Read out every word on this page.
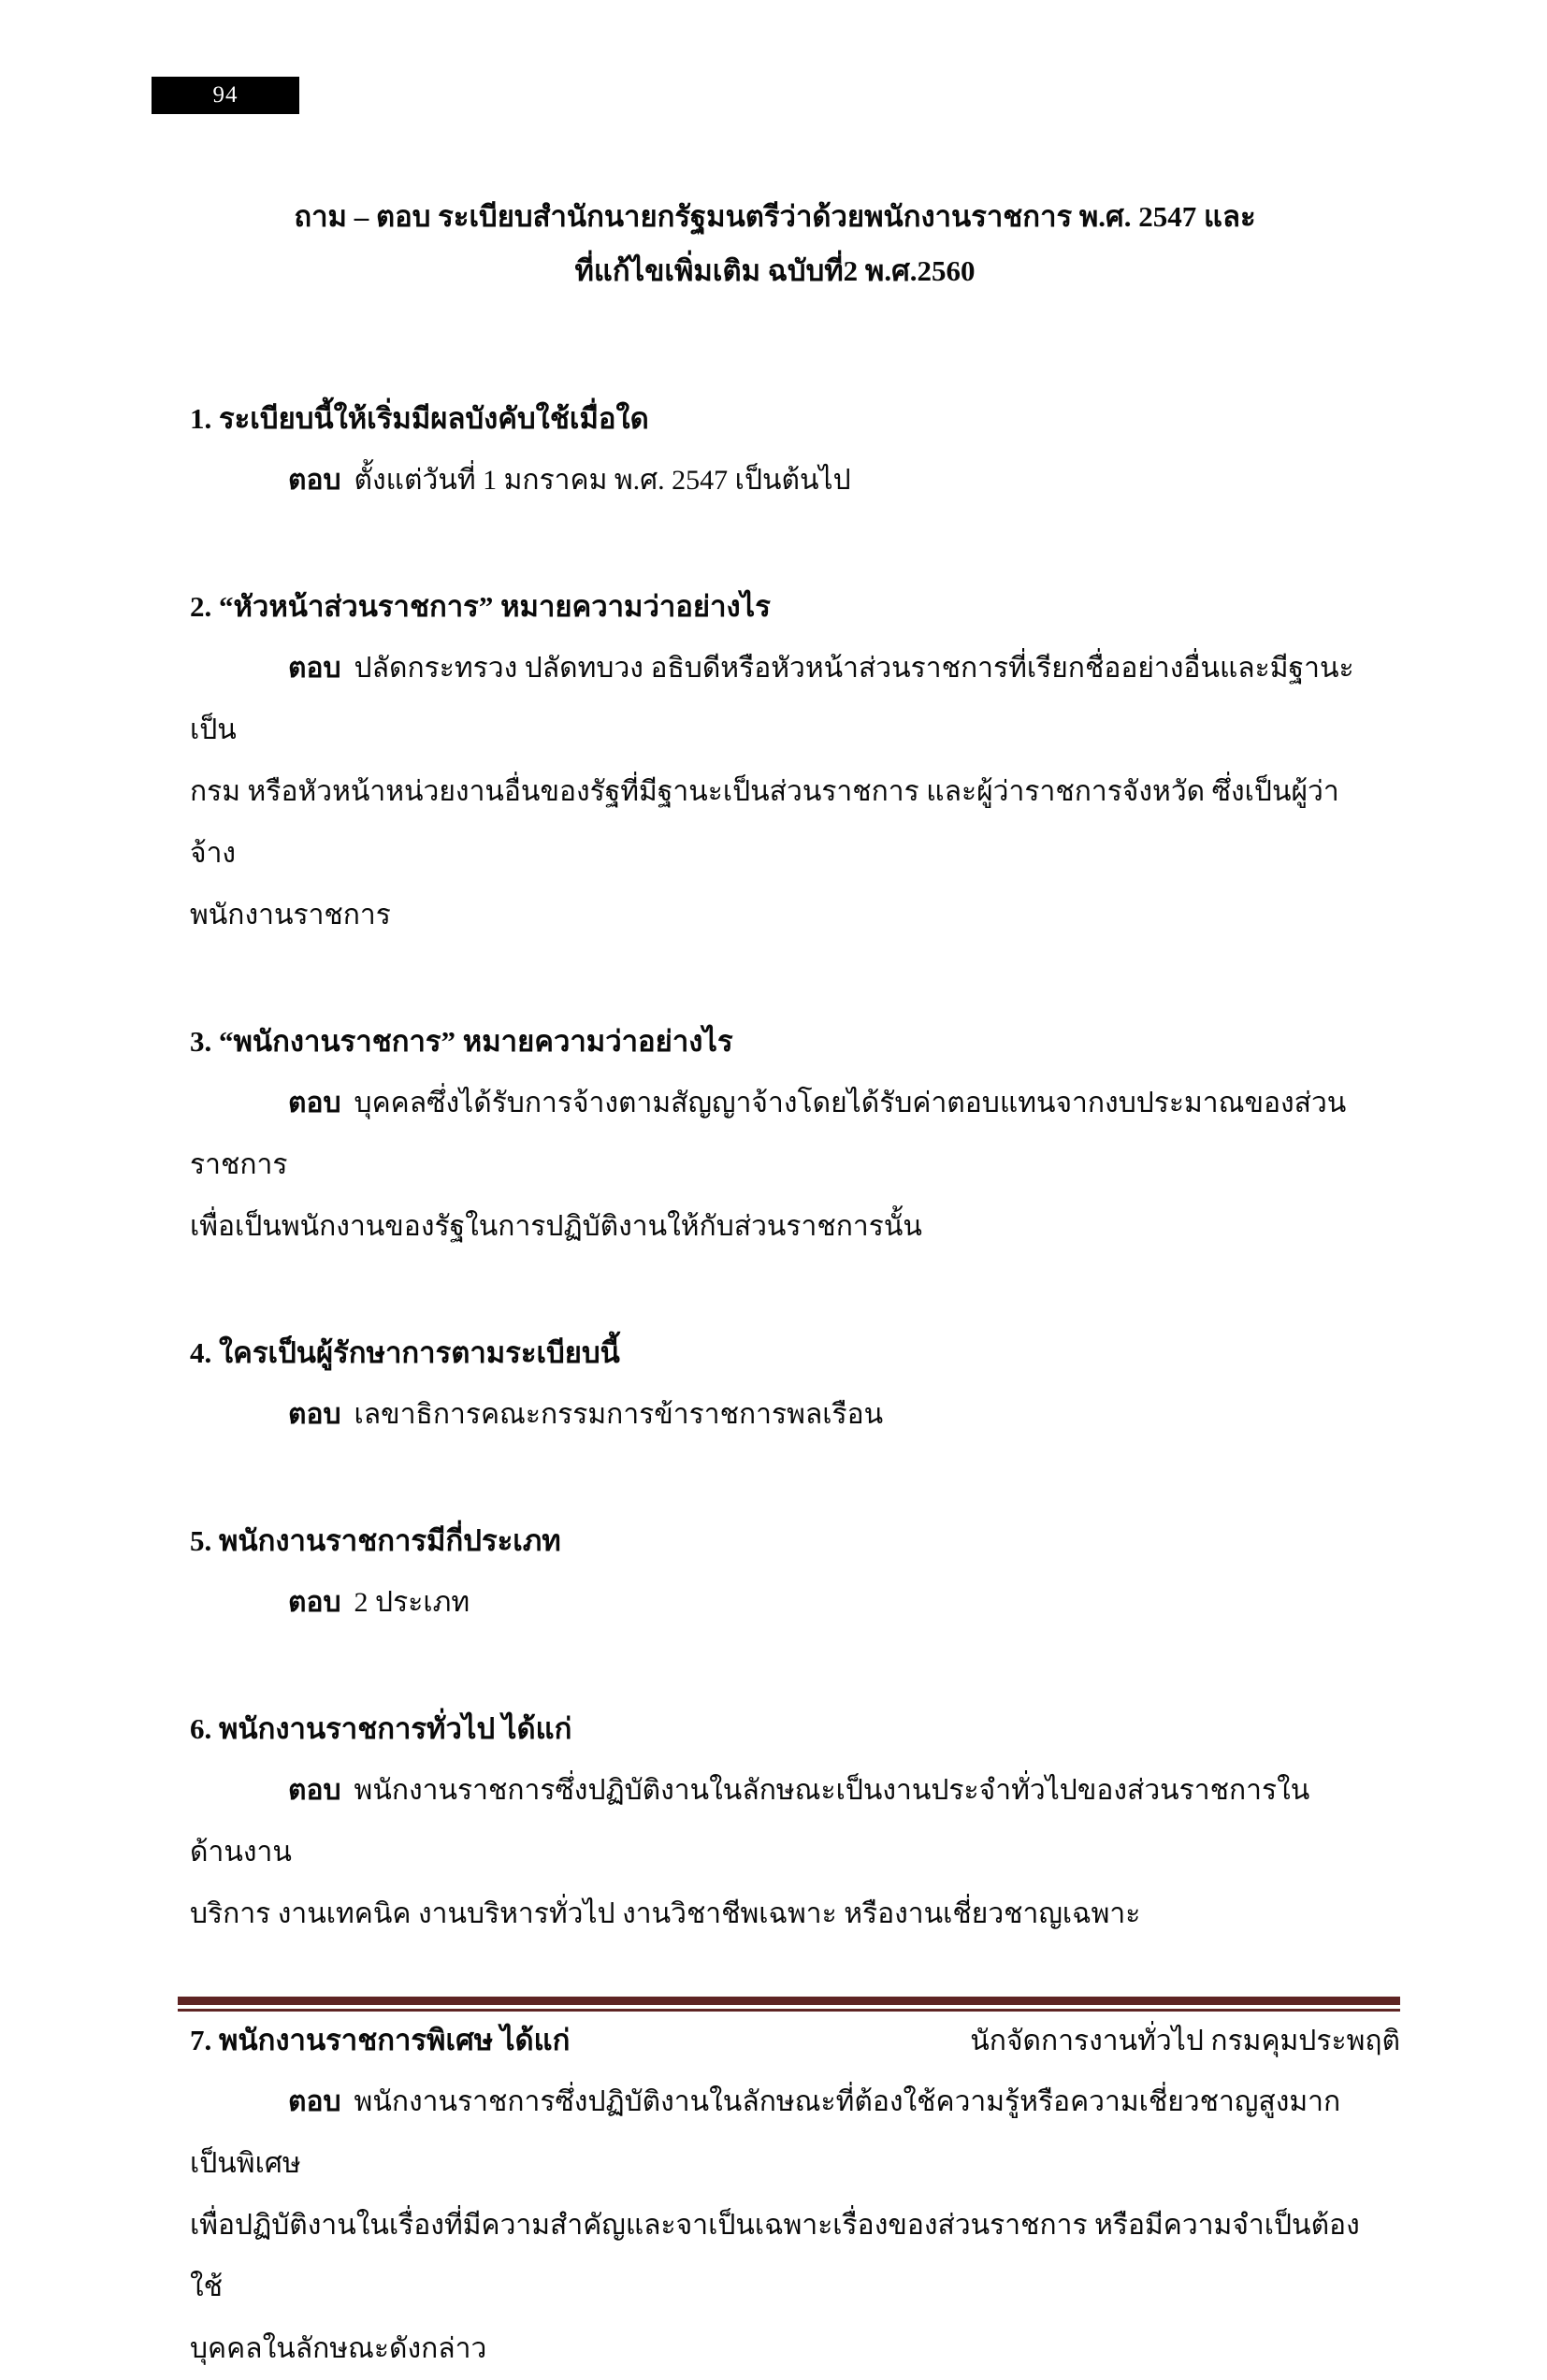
94
ถาม – ตอบ ระเบียบสำนักนายกรัฐมนตรีว่าด้วยพนักงานราชการ พ.ศ. 2547 และ
ที่แก้ไขเพิ่มเติม ฉบับที่2 พ.ศ.2560
1. ระเบียบนี้ให้เริ่มมีผลบังคับใช้เมื่อใด

ตอบ ตั้งแต่วันที่ 1 มกราคม พ.ศ. 2547 เป็นต้นไป

2. “หัวหน้าส่วนราชการ” หมายความว่าอย่างไร

ตอบ ปลัดกระทรวง ปลัดทบวง อธิบดีหรือหัวหน้าส่วนราชการที่เรียกชื่ออย่างอื่นและมีฐานะเป็น

กรม หรือหัวหน้าหน่วยงานอื่นของรัฐที่มีฐานะเป็นส่วนราชการ และผู้ว่าราชการจังหวัด ซึ่งเป็นผู้ว่าจ้าง

พนักงานราชการ

3. “พนักงานราชการ” หมายความว่าอย่างไร

ตอบ บุคคลซึ่งได้รับการจ้างตามสัญญาจ้างโดยได้รับค่าตอบแทนจากงบประมาณของส่วนราชการ

เพื่อเป็นพนักงานของรัฐในการปฏิบัติงานให้กับส่วนราชการนั้น

4. ใครเป็นผู้รักษาการตามระเบียบนี้

ตอบ เลขาธิการคณะกรรมการข้าราชการพลเรือน

5. พนักงานราชการมีกี่ประเภท

ตอบ 2 ประเภท

6. พนักงานราชการทั่วไป ได้แก่

ตอบ พนักงานราชการซึ่งปฏิบัติงานในลักษณะเป็นงานประจำทั่วไปของส่วนราชการในด้านงาน

บริการ งานเทคนิค งานบริหารทั่วไป งานวิชาชีพเฉพาะ หรืองานเชี่ยวชาญเฉพาะ

7. พนักงานราชการพิเศษ ได้แก่

ตอบ พนักงานราชการซึ่งปฏิบัติงานในลักษณะที่ต้องใช้ความรู้หรือความเชี่ยวชาญสูงมากเป็นพิเศษ

เพื่อปฏิบัติงานในเรื่องที่มีความสำคัญและจาเป็นเฉพาะเรื่องของส่วนราชการ หรือมีความจำเป็นต้องใช้

บุคคลในลักษณะดังกล่าว

นักจัดการงานทั่วไป กรมคุมประพฤติ
